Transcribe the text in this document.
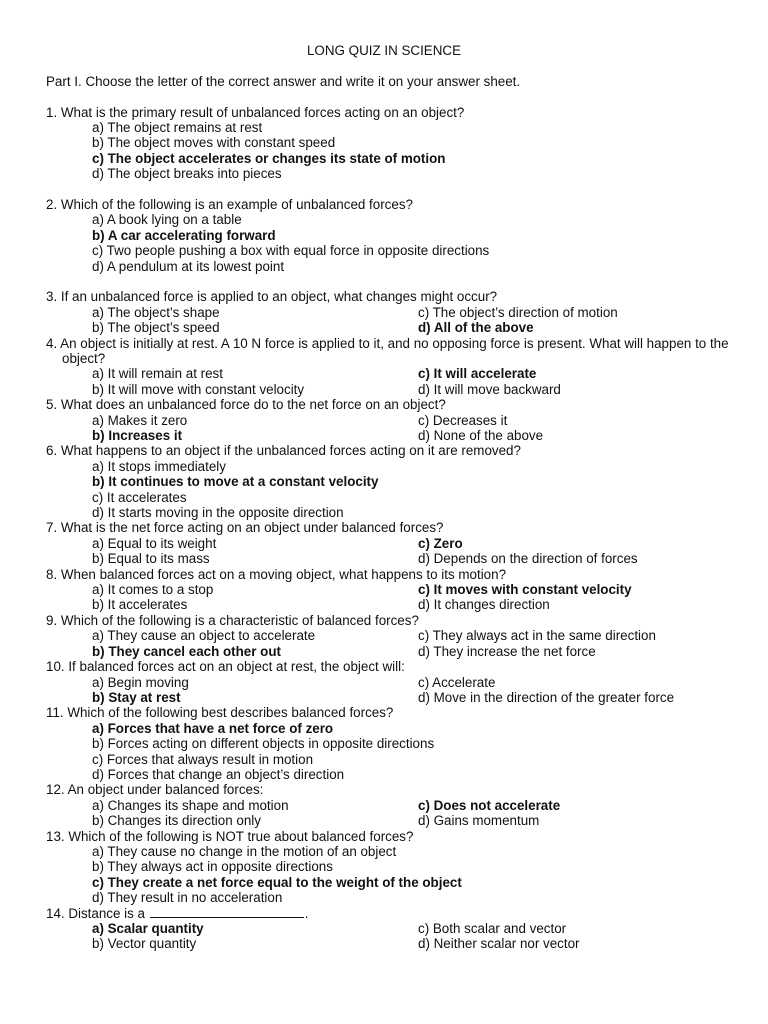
LONG QUIZ IN SCIENCE
Part I. Choose the letter of the correct answer and write it on your answer sheet.
1. What is the primary result of unbalanced forces acting on an object?
a) The object remains at rest
b) The object moves with constant speed
c) The object accelerates or changes its state of motion
d) The object breaks into pieces
2. Which of the following is an example of unbalanced forces?
a) A book lying on a table
b) A car accelerating forward
c) Two people pushing a box with equal force in opposite directions
d) A pendulum at its lowest point
3. If an unbalanced force is applied to an object, what changes might occur?
a) The object’s shape	c) The object’s direction of motion
b) The object’s speed	d) All of the above
4. An object is initially at rest. A 10 N force is applied to it, and no opposing force is present. What will happen to the object?
a) It will remain at rest	c) It will accelerate
b) It will move with constant velocity	d) It will move backward
5. What does an unbalanced force do to the net force on an object?
a) Makes it zero	c) Decreases it
b) Increases it	d) None of the above
6. What happens to an object if the unbalanced forces acting on it are removed?
a) It stops immediately
b) It continues to move at a constant velocity
c) It accelerates
d) It starts moving in the opposite direction
7. What is the net force acting on an object under balanced forces?
a) Equal to its weight	c) Zero
b) Equal to its mass	d) Depends on the direction of forces
8. When balanced forces act on a moving object, what happens to its motion?
a) It comes to a stop	c) It moves with constant velocity
b) It accelerates	d) It changes direction
9. Which of the following is a characteristic of balanced forces?
a) They cause an object to accelerate	c) They always act in the same direction
b) They cancel each other out	d) They increase the net force
10. If balanced forces act on an object at rest, the object will:
a) Begin moving	c) Accelerate
b) Stay at rest	d) Move in the direction of the greater force
11. Which of the following best describes balanced forces?
a) Forces that have a net force of zero
b) Forces acting on different objects in opposite directions
c) Forces that always result in motion
d) Forces that change an object’s direction
12. An object under balanced forces:
a) Changes its shape and motion	c) Does not accelerate
b) Changes its direction only	d) Gains momentum
13. Which of the following is NOT true about balanced forces?
a) They cause no change in the motion of an object
b) They always act in opposite directions
c) They create a net force equal to the weight of the object
d) They result in no acceleration
14. Distance is a	.
a) Scalar quantity	c) Both scalar and vector
b) Vector quantity	d) Neither scalar nor vector
